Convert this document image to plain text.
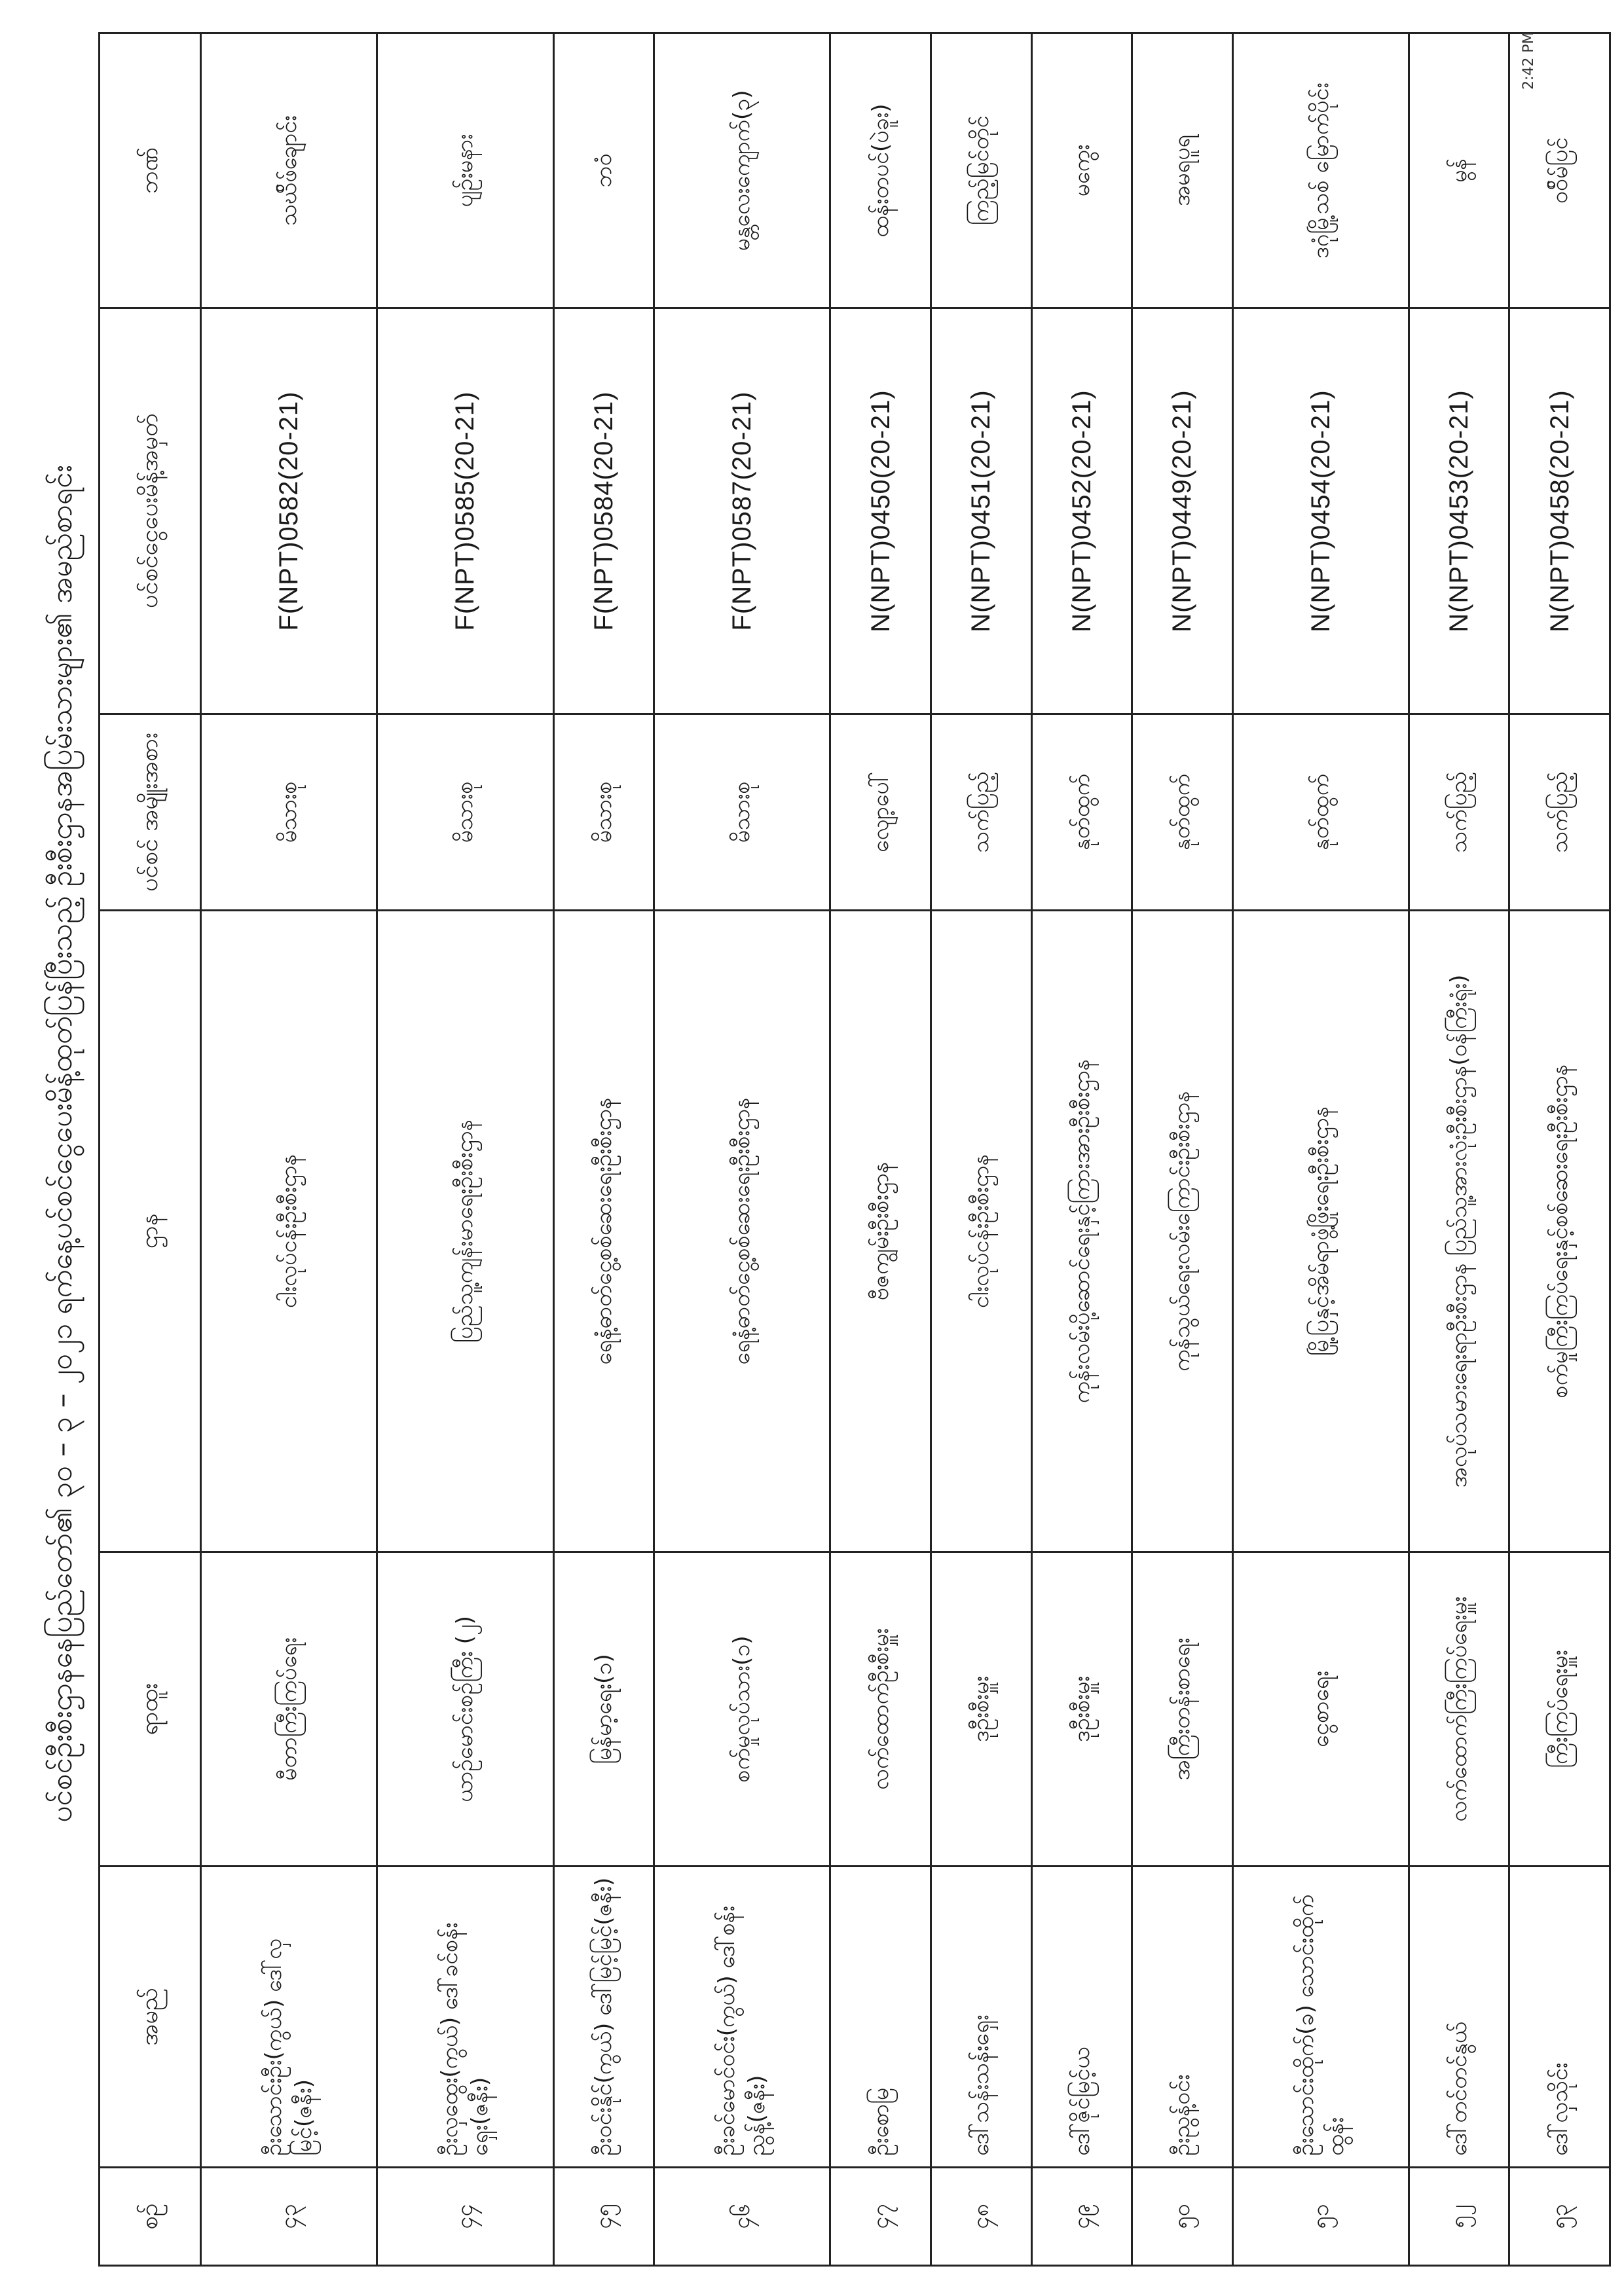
ပင်စင်ဦးစီးဌာနနေပြည်တော်၏ ၃၀ – ၃ – ၂၀၂၁ ရက်နေ့ပင်စင်ငွေပေးမိန့်ထုတ်ပြန်ပြီးသည့် ဦးစီးဌာနအပြမ်းသားများ၏ အမည်စာရင်း
စဉ်	အမည်	ရာထူး	ဌာန	ပင်စင် အမျိုးအစား	ပင်စင်ငွေပေးမိန့်အမှတ်	ဘဏ်
၄၃	ဦးသောင်းဦး(ကွယ်) ဒေါ်လှမြင့်(ဇနီး)	မီတာကြီးကြပ်ရေး	ငါးလုပ်ငန်းဦးစီးဌာန	မိသားစု	F(NPT)0582(20-21)	သဃ်ိဖ်ချောင်း
၄၄	ဦးလှထွေး(ကွယ်) ဒေါ်ခင်စန်းရှေး(ဇနီး)	ယာဉ်မောင်းစဉ်ကြီး (၂)	ပြည်သူ့ကျန်းမာရေးဦးစီးဌာန	မိသားစု	F(NPT)0585(20-21)	ပျဉ်းမနား
၄၅	ဦးဝင်းနိုင်(ကွယ်) ဒေါ်မြင့်မြင့်(ဇနီး)	မြန်မာ့ရေး(၁)	ရေနံ့ဓာတ်ငွေ့စစ်ဆေးရေးဦးစီးဌာန	မိသားစု	F(NPT)0584(20-21)	ဘဝံ
၄၆	ဦးခင်မောင်ဝင်း(ကွယ်) ဒေါ်စန်းညွန့်(ဇနီး)	စက်မှုလုပ်သား(၁)	ရေနံ့ဓာတ်ငွေ့စစ်ဆေးရေးဦးစီးဌာန	မိသားစု	F(NPT)0587(20-21)	မန္တလေးကျောက်(၃)
၄၇	ဦးစောမြ	လက်ထောက်ဦးစီးမှူး	ဗီဇကျွမ်းဦးစီးဌာန	လျော့ပေါ်	N(NPT)0450(20-21)	ထန်းတပင်(ပဲခူး)
၄၈	ဒေါ်သန်းသန်းရှေး	ဒုဦးစီးမှူး	ငါးလုပ်ငန်းဦးစီးဌာန	သက်ပြည့်	N(NPT)0451(20-21)	ကြည့်မြင်တိုင်
၄၉	ဒေါ်ဇိုင်မြင့်ယ	ဒုဦးစီးမှူး	ကုန်းလမ်းပို့ဆောင်ရေးနှင့်ကြားအားဦးစီးဌာန	နုတ်ထွက်	N(NPT)0452(20-21)	မကွေး
၅၀	ဦးညွန့်ဝင်း	အကြီးတန်းစာရေး	ကုန်သွယ်ရေးလမ်းကြောင်းဦးစီးဌာန	နုတ်ထွက်	N(NPT)0449(20-21)	အမရပူရ
၅၁	ဦးသောင်းထိုက်(ခ) သောင်းထိုက်ထွန်း	ငွေစာရေး	မြို့ပြနှင့်အိမ်ရာဖွံ့ဖြိုးရေးဦးစီးဌာန	နုတ်ထွက်	N(NPT)0454(20-21)	ဒဂုံမြို့သစ် မြောက်ပိုင်း
၅၂	ဒေါ်တင်တင်နွယ်	လက်ထောက်ကြီးကြပ်ရေးမှူး	အလုပ်သမားရေးရာဦးစီးဌာန ပြည်သူ့အားလုံးဦးစီးဌာန(၀န်ကြီးရုံး)	သက်ပြည့်	N(NPT)0453(20-21)	မွန်
၅၃	ဒေါ်လှသိုင်း	ကြီးကြပ်ရေးမှူး	စက်မှုကြီးကြပ်ရေးနှင့်စစ်ဆေးရေးဦးစီးဌာန	သက်ပြည့်	N(NPT)0458(20-21)	ဝဝ်ိမ်ပြင်
2:42 PM
